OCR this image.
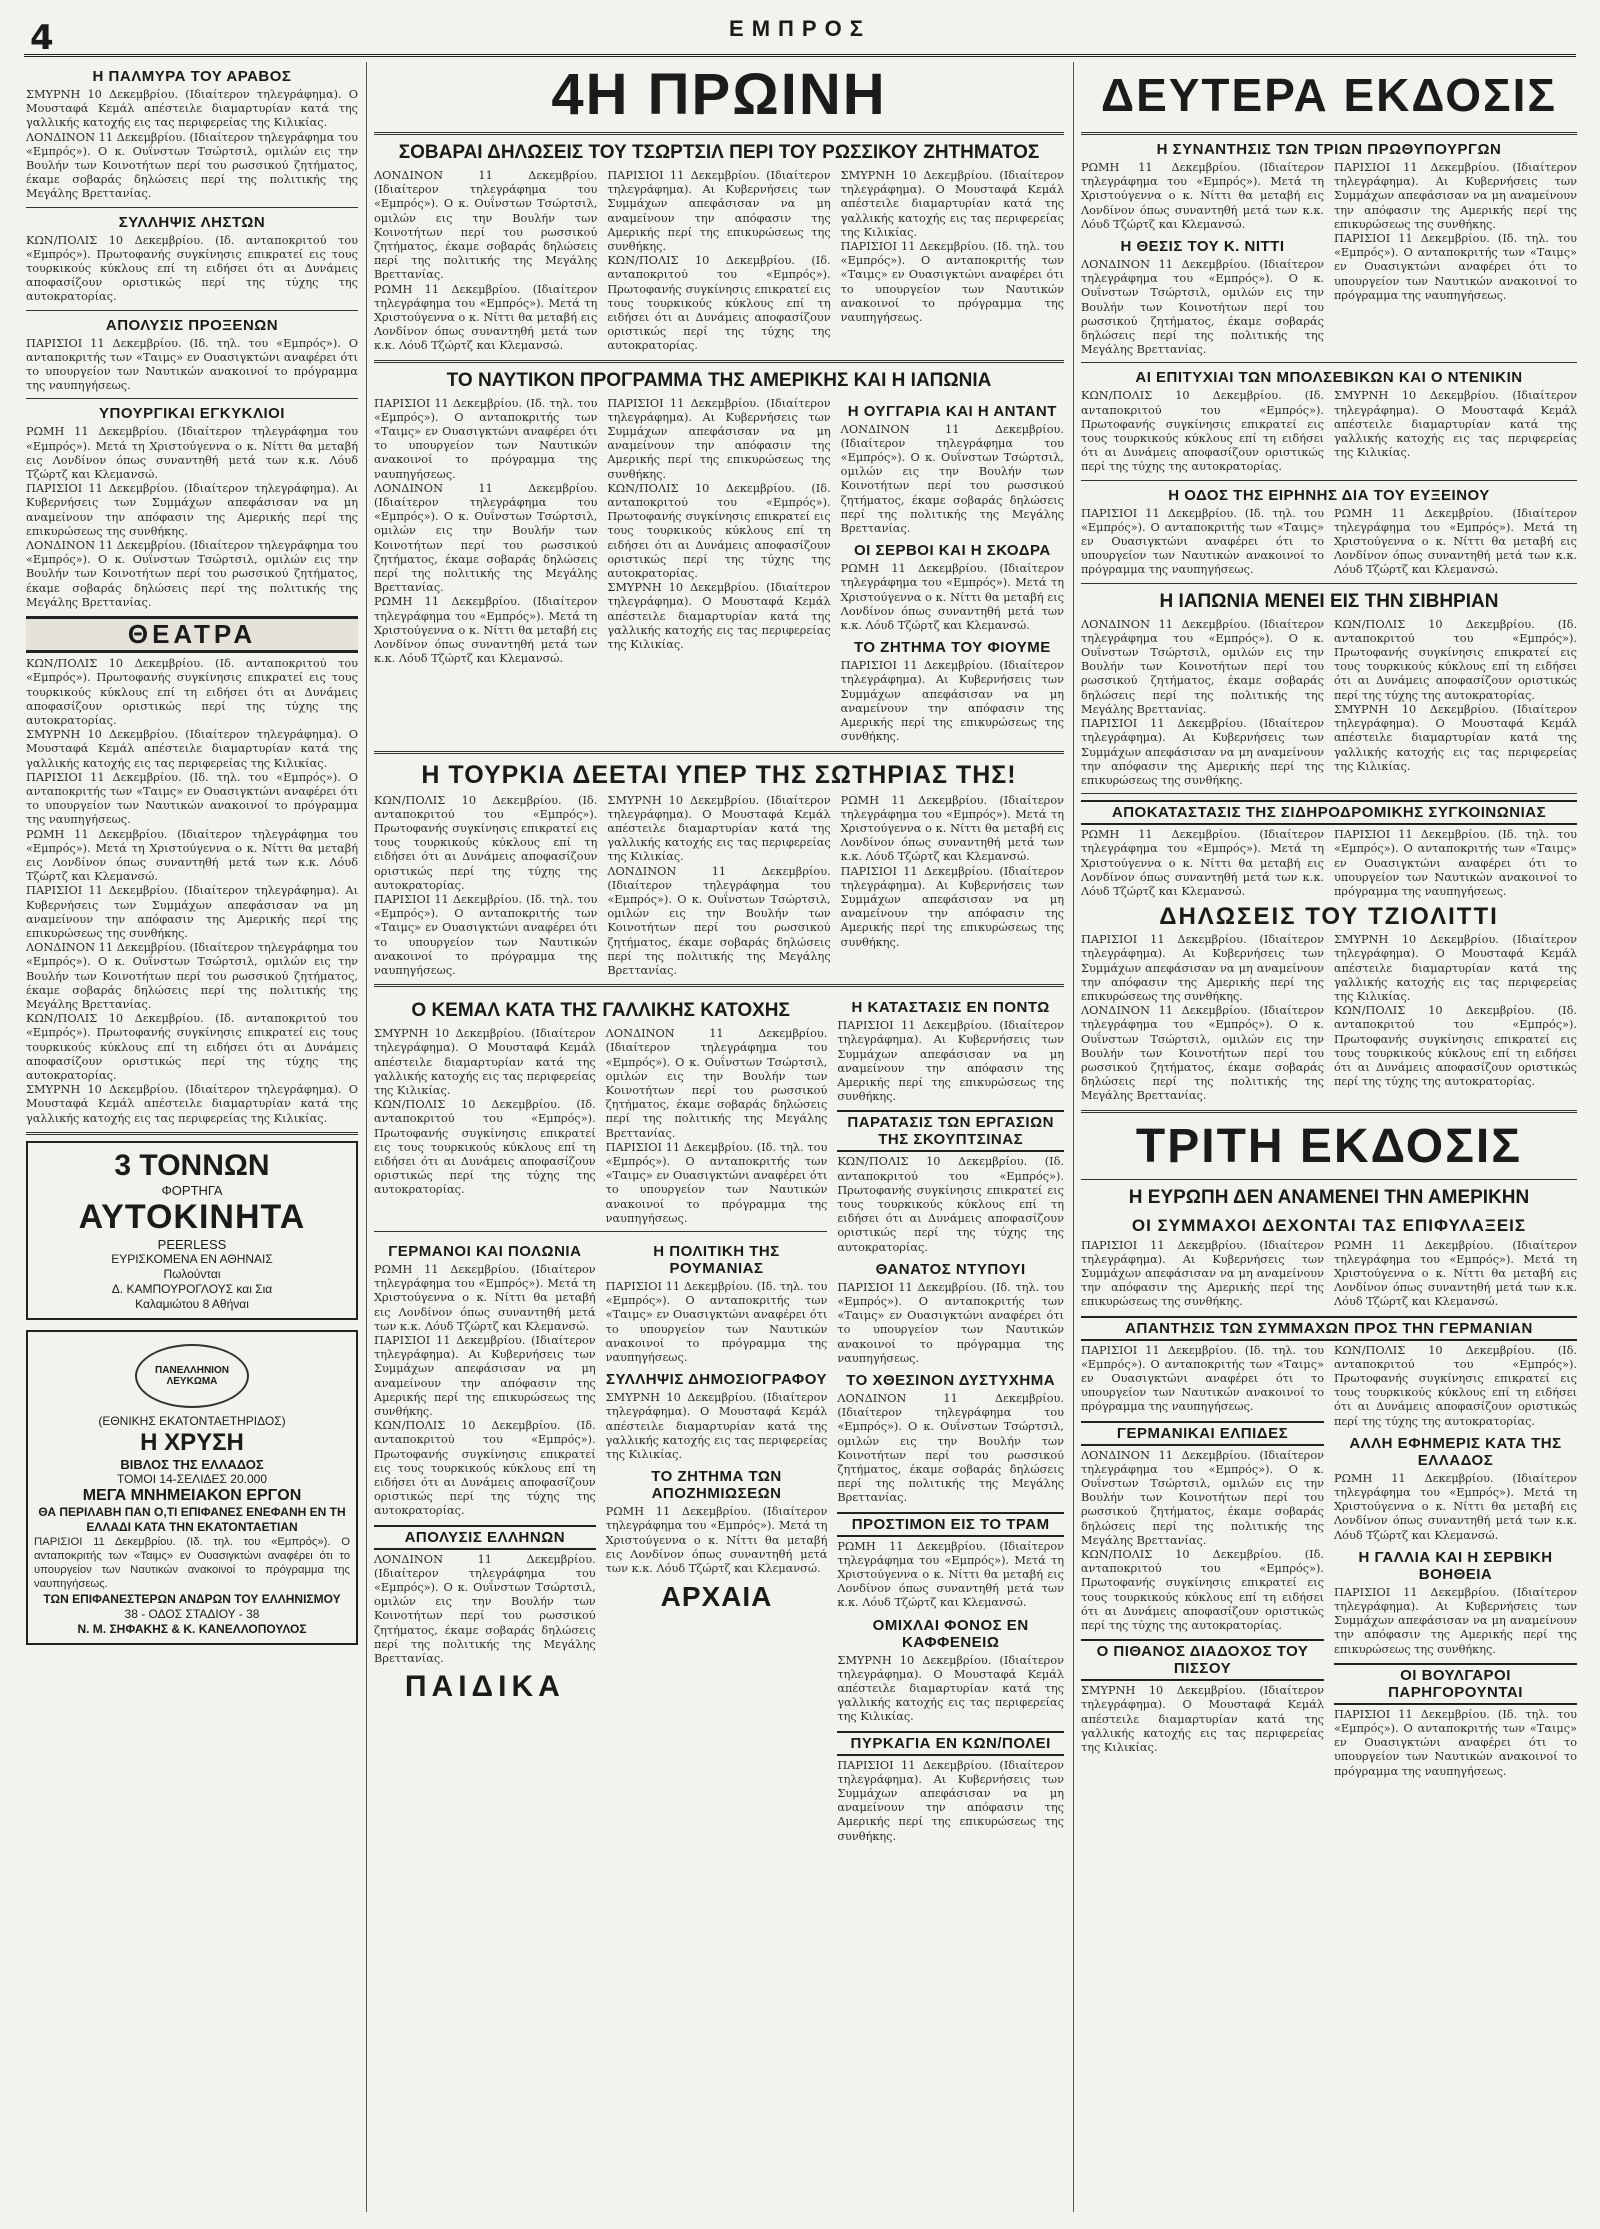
4	ΕΜΠΡΟΣ
Η ΠΑΛΜΥΡΑ ΤΟΥ ΑΡΑΒΟΣ

ΣΜΥΡΝΗ 10 Δεκεμβρίου. (Ιδιαίτερον τηλεγράφημα). Ο Μουσταφά Κεμάλ απέστειλε διαμαρτυρίαν κατά της γαλλικής κατοχής εις τας περιφερείας της Κιλικίας.

ΛΟΝΔΙΝΟΝ 11 Δεκεμβρίου. (Ιδιαίτερον τηλεγράφημα του «Εμπρός»). Ο κ. Ουΐνστων Τσώρτσιλ, ομιλών εις την Βουλήν των Κοινοτήτων περί του ρωσσικού ζητήματος, έκαμε σοβαράς δηλώσεις περί της πολιτικής της Μεγάλης Βρεττανίας.

ΣΥΛΛΗΨΙΣ ΛΗΣΤΩΝ

ΚΩΝ/ΠΟΛΙΣ 10 Δεκεμβρίου. (Ιδ. ανταποκριτού του «Εμπρός»). Πρωτοφανής συγκίνησις επικρατεί εις τους τουρκικούς κύκλους επί τη ειδήσει ότι αι Δυνάμεις αποφασίζουν οριστικώς περί της τύχης της αυτοκρατορίας.

ΑΠΟΛΥΣΙΣ ΠΡΟΞΕΝΩΝ

ΠΑΡΙΣΙΟΙ 11 Δεκεμβρίου. (Ιδ. τηλ. του «Εμπρός»). Ο ανταποκριτής των «Ταιμς» εν Ουασιγκτώνι αναφέρει ότι το υπουργείον των Ναυτικών ανακοινοί το πρόγραμμα της ναυπηγήσεως.

ΥΠΟΥΡΓΙΚΑΙ ΕΓΚΥΚΛΙΟΙ

ΡΩΜΗ 11 Δεκεμβρίου. (Ιδιαίτερον τηλεγράφημα του «Εμπρός»). Μετά τη Χριστούγεννα ο κ. Νίττι θα μεταβή εις Λονδίνον όπως συναντηθή μετά των κ.κ. Λόυδ Τζώρτζ και Κλεμανσώ.

ΠΑΡΙΣΙΟΙ 11 Δεκεμβρίου. (Ιδιαίτερον τηλεγράφημα). Αι Κυβερνήσεις των Συμμάχων απεφάσισαν να μη αναμείνουν την απόφασιν της Αμερικής περί της επικυρώσεως της συνθήκης.

ΛΟΝΔΙΝΟΝ 11 Δεκεμβρίου. (Ιδιαίτερον τηλεγράφημα του «Εμπρός»). Ο κ. Ουΐνστων Τσώρτσιλ, ομιλών εις την Βουλήν των Κοινοτήτων περί του ρωσσικού ζητήματος, έκαμε σοβαράς δηλώσεις περί της πολιτικής της Μεγάλης Βρεττανίας.

ΘΕΑΤΡΑ

ΚΩΝ/ΠΟΛΙΣ 10 Δεκεμβρίου. (Ιδ. ανταποκριτού του «Εμπρός»). Πρωτοφανής συγκίνησις επικρατεί εις τους τουρκικούς κύκλους επί τη ειδήσει ότι αι Δυνάμεις αποφασίζουν οριστικώς περί της τύχης της αυτοκρατορίας.

ΣΜΥΡΝΗ 10 Δεκεμβρίου. (Ιδιαίτερον τηλεγράφημα). Ο Μουσταφά Κεμάλ απέστειλε διαμαρτυρίαν κατά της γαλλικής κατοχής εις τας περιφερείας της Κιλικίας.

ΠΑΡΙΣΙΟΙ 11 Δεκεμβρίου. (Ιδ. τηλ. του «Εμπρός»). Ο ανταποκριτής των «Ταιμς» εν Ουασιγκτώνι αναφέρει ότι το υπουργείον των Ναυτικών ανακοινοί το πρόγραμμα της ναυπηγήσεως.

ΡΩΜΗ 11 Δεκεμβρίου. (Ιδιαίτερον τηλεγράφημα του «Εμπρός»). Μετά τη Χριστούγεννα ο κ. Νίττι θα μεταβή εις Λονδίνον όπως συναντηθή μετά των κ.κ. Λόυδ Τζώρτζ και Κλεμανσώ.

ΠΑΡΙΣΙΟΙ 11 Δεκεμβρίου. (Ιδιαίτερον τηλεγράφημα). Αι Κυβερνήσεις των Συμμάχων απεφάσισαν να μη αναμείνουν την απόφασιν της Αμερικής περί της επικυρώσεως της συνθήκης.

ΛΟΝΔΙΝΟΝ 11 Δεκεμβρίου. (Ιδιαίτερον τηλεγράφημα του «Εμπρός»). Ο κ. Ουΐνστων Τσώρτσιλ, ομιλών εις την Βουλήν των Κοινοτήτων περί του ρωσσικού ζητήματος, έκαμε σοβαράς δηλώσεις περί της πολιτικής της Μεγάλης Βρεττανίας.

ΚΩΝ/ΠΟΛΙΣ 10 Δεκεμβρίου. (Ιδ. ανταποκριτού του «Εμπρός»). Πρωτοφανής συγκίνησις επικρατεί εις τους τουρκικούς κύκλους επί τη ειδήσει ότι αι Δυνάμεις αποφασίζουν οριστικώς περί της τύχης της αυτοκρατορίας.

ΣΜΥΡΝΗ 10 Δεκεμβρίου. (Ιδιαίτερον τηλεγράφημα). Ο Μουσταφά Κεμάλ απέστειλε διαμαρτυρίαν κατά της γαλλικής κατοχής εις τας περιφερείας της Κιλικίας.

3 ΤΟΝΝΩΝ
ΦΟΡΤΗΓΑ
ΑΥΤΟΚΙΝΗΤΑ
PEERLESS
ΕΥΡΙΣΚΟΜΕΝΑ ΕΝ ΑΘΗΝΑΙΣ
Πωλούνται
Δ. ΚΑΜΠΟΥΡΟΓΛΟΥΣ και Σια
Καλαμιώτου 8 Αθήναι
ΠΑΝΕΛΛΗΝΙΟΝ ΛΕΥΚΩΜΑ
(ΕΘΝΙΚΗΣ ΕΚΑΤΟΝΤΑΕΤΗΡΙΔΟΣ)
Η ΧΡΥΣΗ
ΒΙΒΛΟΣ ΤΗΣ ΕΛΛΑΔΟΣ
ΤΟΜΟΙ 14-ΣΕΛΙΔΕΣ 20.000
ΜΕΓΑ ΜΝΗΜΕΙΑΚΟΝ ΕΡΓΟΝ
ΘΑ ΠΕΡΙΛΑΒΗ ΠΑΝ Ο,ΤΙ ΕΠΙΦΑΝΕΣ ΕΝΕΦΑΝΗ ΕΝ ΤΗ ΕΛΛΑΔΙ ΚΑΤΑ ΤΗΝ ΕΚΑΤΟΝΤΑΕΤΙΑΝ

ΠΑΡΙΣΙΟΙ 11 Δεκεμβρίου. (Ιδ. τηλ. του «Εμπρός»). Ο ανταποκριτής των «Ταιμς» εν Ουασιγκτώνι αναφέρει ότι το υπουργείον των Ναυτικών ανακοινοί το πρόγραμμα της ναυπηγήσεως.

ΤΩΝ ΕΠΙΦΑΝΕΣΤΕΡΩΝ ΑΝΔΡΩΝ ΤΟΥ ΕΛΛΗΝΙΣΜΟΥ
38 - ΟΔΟΣ ΣΤΑΔΙΟΥ - 38
Ν. Μ. ΣΗΦΑΚΗΣ & Κ. ΚΑΝΕΛΛΟΠΟΥΛΟΣ
4Η ΠΡΩΙΝΗ
ΣΟΒΑΡΑΙ ΔΗΛΩΣΕΙΣ ΤΟΥ ΤΣΩΡΤΣΙΛ ΠΕΡΙ ΤΟΥ ΡΩΣΣΙΚΟΥ ΖΗΤΗΜΑΤΟΣ

ΛΟΝΔΙΝΟΝ 11 Δεκεμβρίου. (Ιδιαίτερον τηλεγράφημα του «Εμπρός»). Ο κ. Ουΐνστων Τσώρτσιλ, ομιλών εις την Βουλήν των Κοινοτήτων περί του ρωσσικού ζητήματος, έκαμε σοβαράς δηλώσεις περί της πολιτικής της Μεγάλης Βρεττανίας.

ΡΩΜΗ 11 Δεκεμβρίου. (Ιδιαίτερον τηλεγράφημα του «Εμπρός»). Μετά τη Χριστούγεννα ο κ. Νίττι θα μεταβή εις Λονδίνον όπως συναντηθή μετά των κ.κ. Λόυδ Τζώρτζ και Κλεμανσώ.

ΠΑΡΙΣΙΟΙ 11 Δεκεμβρίου. (Ιδιαίτερον τηλεγράφημα). Αι Κυβερνήσεις των Συμμάχων απεφάσισαν να μη αναμείνουν την απόφασιν της Αμερικής περί της επικυρώσεως της συνθήκης.

ΚΩΝ/ΠΟΛΙΣ 10 Δεκεμβρίου. (Ιδ. ανταποκριτού του «Εμπρός»). Πρωτοφανής συγκίνησις επικρατεί εις τους τουρκικούς κύκλους επί τη ειδήσει ότι αι Δυνάμεις αποφασίζουν οριστικώς περί της τύχης της αυτοκρατορίας.

ΣΜΥΡΝΗ 10 Δεκεμβρίου. (Ιδιαίτερον τηλεγράφημα). Ο Μουσταφά Κεμάλ απέστειλε διαμαρτυρίαν κατά της γαλλικής κατοχής εις τας περιφερείας της Κιλικίας.

ΠΑΡΙΣΙΟΙ 11 Δεκεμβρίου. (Ιδ. τηλ. του «Εμπρός»). Ο ανταποκριτής των «Ταιμς» εν Ουασιγκτώνι αναφέρει ότι το υπουργείον των Ναυτικών ανακοινοί το πρόγραμμα της ναυπηγήσεως.

ΤΟ ΝΑΥΤΙΚΟΝ ΠΡΟΓΡΑΜΜΑ ΤΗΣ ΑΜΕΡΙΚΗΣ ΚΑΙ Η ΙΑΠΩΝΙΑ

ΠΑΡΙΣΙΟΙ 11 Δεκεμβρίου. (Ιδ. τηλ. του «Εμπρός»). Ο ανταποκριτής των «Ταιμς» εν Ουασιγκτώνι αναφέρει ότι το υπουργείον των Ναυτικών ανακοινοί το πρόγραμμα της ναυπηγήσεως.

ΛΟΝΔΙΝΟΝ 11 Δεκεμβρίου. (Ιδιαίτερον τηλεγράφημα του «Εμπρός»). Ο κ. Ουΐνστων Τσώρτσιλ, ομιλών εις την Βουλήν των Κοινοτήτων περί του ρωσσικού ζητήματος, έκαμε σοβαράς δηλώσεις περί της πολιτικής της Μεγάλης Βρεττανίας.

ΡΩΜΗ 11 Δεκεμβρίου. (Ιδιαίτερον τηλεγράφημα του «Εμπρός»). Μετά τη Χριστούγεννα ο κ. Νίττι θα μεταβή εις Λονδίνον όπως συναντηθή μετά των κ.κ. Λόυδ Τζώρτζ και Κλεμανσώ.

ΠΑΡΙΣΙΟΙ 11 Δεκεμβρίου. (Ιδιαίτερον τηλεγράφημα). Αι Κυβερνήσεις των Συμμάχων απεφάσισαν να μη αναμείνουν την απόφασιν της Αμερικής περί της επικυρώσεως της συνθήκης.

ΚΩΝ/ΠΟΛΙΣ 10 Δεκεμβρίου. (Ιδ. ανταποκριτού του «Εμπρός»). Πρωτοφανής συγκίνησις επικρατεί εις τους τουρκικούς κύκλους επί τη ειδήσει ότι αι Δυνάμεις αποφασίζουν οριστικώς περί της τύχης της αυτοκρατορίας.

ΣΜΥΡΝΗ 10 Δεκεμβρίου. (Ιδιαίτερον τηλεγράφημα). Ο Μουσταφά Κεμάλ απέστειλε διαμαρτυρίαν κατά της γαλλικής κατοχής εις τας περιφερείας της Κιλικίας.

Η ΟΥΓΓΑΡΙΑ ΚΑΙ Η ΑΝΤΑΝΤ

ΛΟΝΔΙΝΟΝ 11 Δεκεμβρίου. (Ιδιαίτερον τηλεγράφημα του «Εμπρός»). Ο κ. Ουΐνστων Τσώρτσιλ, ομιλών εις την Βουλήν των Κοινοτήτων περί του ρωσσικού ζητήματος, έκαμε σοβαράς δηλώσεις περί της πολιτικής της Μεγάλης Βρεττανίας.

ΟΙ ΣΕΡΒΟΙ ΚΑΙ Η ΣΚΟΔΡΑ

ΡΩΜΗ 11 Δεκεμβρίου. (Ιδιαίτερον τηλεγράφημα του «Εμπρός»). Μετά τη Χριστούγεννα ο κ. Νίττι θα μεταβή εις Λονδίνον όπως συναντηθή μετά των κ.κ. Λόυδ Τζώρτζ και Κλεμανσώ.

ΤΟ ΖΗΤΗΜΑ ΤΟΥ ΦΙΟΥΜΕ

ΠΑΡΙΣΙΟΙ 11 Δεκεμβρίου. (Ιδιαίτερον τηλεγράφημα). Αι Κυβερνήσεις των Συμμάχων απεφάσισαν να μη αναμείνουν την απόφασιν της Αμερικής περί της επικυρώσεως της συνθήκης.

Η ΤΟΥΡΚΙΑ ΔΕΕΤΑΙ ΥΠΕΡ ΤΗΣ ΣΩΤΗΡΙΑΣ ΤΗΣ!

ΚΩΝ/ΠΟΛΙΣ 10 Δεκεμβρίου. (Ιδ. ανταποκριτού του «Εμπρός»). Πρωτοφανής συγκίνησις επικρατεί εις τους τουρκικούς κύκλους επί τη ειδήσει ότι αι Δυνάμεις αποφασίζουν οριστικώς περί της τύχης της αυτοκρατορίας.

ΠΑΡΙΣΙΟΙ 11 Δεκεμβρίου. (Ιδ. τηλ. του «Εμπρός»). Ο ανταποκριτής των «Ταιμς» εν Ουασιγκτώνι αναφέρει ότι το υπουργείον των Ναυτικών ανακοινοί το πρόγραμμα της ναυπηγήσεως.

ΣΜΥΡΝΗ 10 Δεκεμβρίου. (Ιδιαίτερον τηλεγράφημα). Ο Μουσταφά Κεμάλ απέστειλε διαμαρτυρίαν κατά της γαλλικής κατοχής εις τας περιφερείας της Κιλικίας.

ΛΟΝΔΙΝΟΝ 11 Δεκεμβρίου. (Ιδιαίτερον τηλεγράφημα του «Εμπρός»). Ο κ. Ουΐνστων Τσώρτσιλ, ομιλών εις την Βουλήν των Κοινοτήτων περί του ρωσσικού ζητήματος, έκαμε σοβαράς δηλώσεις περί της πολιτικής της Μεγάλης Βρεττανίας.

ΡΩΜΗ 11 Δεκεμβρίου. (Ιδιαίτερον τηλεγράφημα του «Εμπρός»). Μετά τη Χριστούγεννα ο κ. Νίττι θα μεταβή εις Λονδίνον όπως συναντηθή μετά των κ.κ. Λόυδ Τζώρτζ και Κλεμανσώ.

ΠΑΡΙΣΙΟΙ 11 Δεκεμβρίου. (Ιδιαίτερον τηλεγράφημα). Αι Κυβερνήσεις των Συμμάχων απεφάσισαν να μη αναμείνουν την απόφασιν της Αμερικής περί της επικυρώσεως της συνθήκης.

Ο ΚΕΜΑΛ ΚΑΤΑ ΤΗΣ ΓΑΛΛΙΚΗΣ ΚΑΤΟΧΗΣ

ΣΜΥΡΝΗ 10 Δεκεμβρίου. (Ιδιαίτερον τηλεγράφημα). Ο Μουσταφά Κεμάλ απέστειλε διαμαρτυρίαν κατά της γαλλικής κατοχής εις τας περιφερείας της Κιλικίας.

ΚΩΝ/ΠΟΛΙΣ 10 Δεκεμβρίου. (Ιδ. ανταποκριτού του «Εμπρός»). Πρωτοφανής συγκίνησις επικρατεί εις τους τουρκικούς κύκλους επί τη ειδήσει ότι αι Δυνάμεις αποφασίζουν οριστικώς περί της τύχης της αυτοκρατορίας.

ΛΟΝΔΙΝΟΝ 11 Δεκεμβρίου. (Ιδιαίτερον τηλεγράφημα του «Εμπρός»). Ο κ. Ουΐνστων Τσώρτσιλ, ομιλών εις την Βουλήν των Κοινοτήτων περί του ρωσσικού ζητήματος, έκαμε σοβαράς δηλώσεις περί της πολιτικής της Μεγάλης Βρεττανίας.

ΠΑΡΙΣΙΟΙ 11 Δεκεμβρίου. (Ιδ. τηλ. του «Εμπρός»). Ο ανταποκριτής των «Ταιμς» εν Ουασιγκτώνι αναφέρει ότι το υπουργείον των Ναυτικών ανακοινοί το πρόγραμμα της ναυπηγήσεως.

ΓΕΡΜΑΝΟΙ ΚΑΙ ΠΟΛΩΝΙΑ

ΡΩΜΗ 11 Δεκεμβρίου. (Ιδιαίτερον τηλεγράφημα του «Εμπρός»). Μετά τη Χριστούγεννα ο κ. Νίττι θα μεταβή εις Λονδίνον όπως συναντηθή μετά των κ.κ. Λόυδ Τζώρτζ και Κλεμανσώ.

ΠΑΡΙΣΙΟΙ 11 Δεκεμβρίου. (Ιδιαίτερον τηλεγράφημα). Αι Κυβερνήσεις των Συμμάχων απεφάσισαν να μη αναμείνουν την απόφασιν της Αμερικής περί της επικυρώσεως της συνθήκης.

ΚΩΝ/ΠΟΛΙΣ 10 Δεκεμβρίου. (Ιδ. ανταποκριτού του «Εμπρός»). Πρωτοφανής συγκίνησις επικρατεί εις τους τουρκικούς κύκλους επί τη ειδήσει ότι αι Δυνάμεις αποφασίζουν οριστικώς περί της τύχης της αυτοκρατορίας.

ΑΠΟΛΥΣΙΣ ΕΛΛΗΝΩΝ

ΛΟΝΔΙΝΟΝ 11 Δεκεμβρίου. (Ιδιαίτερον τηλεγράφημα του «Εμπρός»). Ο κ. Ουΐνστων Τσώρτσιλ, ομιλών εις την Βουλήν των Κοινοτήτων περί του ρωσσικού ζητήματος, έκαμε σοβαράς δηλώσεις περί της πολιτικής της Μεγάλης Βρεττανίας.

ΠΑΙΔΙΚΑ
Η ΠΟΛΙΤΙΚΗ ΤΗΣ ΡΟΥΜΑΝΙΑΣ

ΠΑΡΙΣΙΟΙ 11 Δεκεμβρίου. (Ιδ. τηλ. του «Εμπρός»). Ο ανταποκριτής των «Ταιμς» εν Ουασιγκτώνι αναφέρει ότι το υπουργείον των Ναυτικών ανακοινοί το πρόγραμμα της ναυπηγήσεως.

ΣΥΛΛΗΨΙΣ ΔΗΜΟΣΙΟΓΡΑΦΟΥ

ΣΜΥΡΝΗ 10 Δεκεμβρίου. (Ιδιαίτερον τηλεγράφημα). Ο Μουσταφά Κεμάλ απέστειλε διαμαρτυρίαν κατά της γαλλικής κατοχής εις τας περιφερείας της Κιλικίας.

ΤΟ ΖΗΤΗΜΑ ΤΩΝ ΑΠΟΖΗΜΙΩΣΕΩΝ

ΡΩΜΗ 11 Δεκεμβρίου. (Ιδιαίτερον τηλεγράφημα του «Εμπρός»). Μετά τη Χριστούγεννα ο κ. Νίττι θα μεταβή εις Λονδίνον όπως συναντηθή μετά των κ.κ. Λόυδ Τζώρτζ και Κλεμανσώ.

ΑΡΧΑΙΑ
Η ΚΑΤΑΣΤΑΣΙΣ ΕΝ ΠΟΝΤΩ

ΠΑΡΙΣΙΟΙ 11 Δεκεμβρίου. (Ιδιαίτερον τηλεγράφημα). Αι Κυβερνήσεις των Συμμάχων απεφάσισαν να μη αναμείνουν την απόφασιν της Αμερικής περί της επικυρώσεως της συνθήκης.

ΠΑΡΑΤΑΣΙΣ ΤΩΝ ΕΡΓΑΣΙΩΝ ΤΗΣ ΣΚΟΥΠΤΣΙΝΑΣ

ΚΩΝ/ΠΟΛΙΣ 10 Δεκεμβρίου. (Ιδ. ανταποκριτού του «Εμπρός»). Πρωτοφανής συγκίνησις επικρατεί εις τους τουρκικούς κύκλους επί τη ειδήσει ότι αι Δυνάμεις αποφασίζουν οριστικώς περί της τύχης της αυτοκρατορίας.

ΘΑΝΑΤΟΣ ΝΤΥΠΟΥΙ

ΠΑΡΙΣΙΟΙ 11 Δεκεμβρίου. (Ιδ. τηλ. του «Εμπρός»). Ο ανταποκριτής των «Ταιμς» εν Ουασιγκτώνι αναφέρει ότι το υπουργείον των Ναυτικών ανακοινοί το πρόγραμμα της ναυπηγήσεως.

ΤΟ ΧΘΕΣΙΝΟΝ ΔΥΣΤΥΧΗΜΑ

ΛΟΝΔΙΝΟΝ 11 Δεκεμβρίου. (Ιδιαίτερον τηλεγράφημα του «Εμπρός»). Ο κ. Ουΐνστων Τσώρτσιλ, ομιλών εις την Βουλήν των Κοινοτήτων περί του ρωσσικού ζητήματος, έκαμε σοβαράς δηλώσεις περί της πολιτικής της Μεγάλης Βρεττανίας.

ΠΡΟΣΤΙΜΟΝ ΕΙΣ ΤΟ ΤΡΑΜ

ΡΩΜΗ 11 Δεκεμβρίου. (Ιδιαίτερον τηλεγράφημα του «Εμπρός»). Μετά τη Χριστούγεννα ο κ. Νίττι θα μεταβή εις Λονδίνον όπως συναντηθή μετά των κ.κ. Λόυδ Τζώρτζ και Κλεμανσώ.

ΟΜΙΧΛΑΙ ΦΟΝΟΣ ΕΝ ΚΑΦΦΕΝΕΙΩ

ΣΜΥΡΝΗ 10 Δεκεμβρίου. (Ιδιαίτερον τηλεγράφημα). Ο Μουσταφά Κεμάλ απέστειλε διαμαρτυρίαν κατά της γαλλικής κατοχής εις τας περιφερείας της Κιλικίας.

ΠΥΡΚΑΓΙΑ ΕΝ ΚΩΝ/ΠΟΛΕΙ

ΠΑΡΙΣΙΟΙ 11 Δεκεμβρίου. (Ιδιαίτερον τηλεγράφημα). Αι Κυβερνήσεις των Συμμάχων απεφάσισαν να μη αναμείνουν την απόφασιν της Αμερικής περί της επικυρώσεως της συνθήκης.

ΔΕΥΤΕΡΑ ΕΚΔΟΣΙΣ
Η ΣΥΝΑΝΤΗΣΙΣ ΤΩΝ ΤΡΙΩΝ ΠΡΩΘΥΠΟΥΡΓΩΝ

ΡΩΜΗ 11 Δεκεμβρίου. (Ιδιαίτερον τηλεγράφημα του «Εμπρός»). Μετά τη Χριστούγεννα ο κ. Νίττι θα μεταβή εις Λονδίνον όπως συναντηθή μετά των κ.κ. Λόυδ Τζώρτζ και Κλεμανσώ.

Η ΘΕΣΙΣ ΤΟΥ Κ. ΝΙΤΤΙ

ΛΟΝΔΙΝΟΝ 11 Δεκεμβρίου. (Ιδιαίτερον τηλεγράφημα του «Εμπρός»). Ο κ. Ουΐνστων Τσώρτσιλ, ομιλών εις την Βουλήν των Κοινοτήτων περί του ρωσσικού ζητήματος, έκαμε σοβαράς δηλώσεις περί της πολιτικής της Μεγάλης Βρεττανίας.

ΠΑΡΙΣΙΟΙ 11 Δεκεμβρίου. (Ιδιαίτερον τηλεγράφημα). Αι Κυβερνήσεις των Συμμάχων απεφάσισαν να μη αναμείνουν την απόφασιν της Αμερικής περί της επικυρώσεως της συνθήκης.

ΠΑΡΙΣΙΟΙ 11 Δεκεμβρίου. (Ιδ. τηλ. του «Εμπρός»). Ο ανταποκριτής των «Ταιμς» εν Ουασιγκτώνι αναφέρει ότι το υπουργείον των Ναυτικών ανακοινοί το πρόγραμμα της ναυπηγήσεως.

ΑΙ ΕΠΙΤΥΧΙΑΙ ΤΩΝ ΜΠΟΛΣΕΒΙΚΩΝ ΚΑΙ Ο ΝΤΕΝΙΚΙΝ

ΚΩΝ/ΠΟΛΙΣ 10 Δεκεμβρίου. (Ιδ. ανταποκριτού του «Εμπρός»). Πρωτοφανής συγκίνησις επικρατεί εις τους τουρκικούς κύκλους επί τη ειδήσει ότι αι Δυνάμεις αποφασίζουν οριστικώς περί της τύχης της αυτοκρατορίας.

ΣΜΥΡΝΗ 10 Δεκεμβρίου. (Ιδιαίτερον τηλεγράφημα). Ο Μουσταφά Κεμάλ απέστειλε διαμαρτυρίαν κατά της γαλλικής κατοχής εις τας περιφερείας της Κιλικίας.

Η ΟΔΟΣ ΤΗΣ ΕΙΡΗΝΗΣ ΔΙΑ ΤΟΥ ΕΥΞΕΙΝΟΥ

ΠΑΡΙΣΙΟΙ 11 Δεκεμβρίου. (Ιδ. τηλ. του «Εμπρός»). Ο ανταποκριτής των «Ταιμς» εν Ουασιγκτώνι αναφέρει ότι το υπουργείον των Ναυτικών ανακοινοί το πρόγραμμα της ναυπηγήσεως.

ΡΩΜΗ 11 Δεκεμβρίου. (Ιδιαίτερον τηλεγράφημα του «Εμπρός»). Μετά τη Χριστούγεννα ο κ. Νίττι θα μεταβή εις Λονδίνον όπως συναντηθή μετά των κ.κ. Λόυδ Τζώρτζ και Κλεμανσώ.

Η ΙΑΠΩΝΙΑ ΜΕΝΕΙ ΕΙΣ ΤΗΝ ΣΙΒΗΡΙΑΝ

ΛΟΝΔΙΝΟΝ 11 Δεκεμβρίου. (Ιδιαίτερον τηλεγράφημα του «Εμπρός»). Ο κ. Ουΐνστων Τσώρτσιλ, ομιλών εις την Βουλήν των Κοινοτήτων περί του ρωσσικού ζητήματος, έκαμε σοβαράς δηλώσεις περί της πολιτικής της Μεγάλης Βρεττανίας.

ΠΑΡΙΣΙΟΙ 11 Δεκεμβρίου. (Ιδιαίτερον τηλεγράφημα). Αι Κυβερνήσεις των Συμμάχων απεφάσισαν να μη αναμείνουν την απόφασιν της Αμερικής περί της επικυρώσεως της συνθήκης.

ΚΩΝ/ΠΟΛΙΣ 10 Δεκεμβρίου. (Ιδ. ανταποκριτού του «Εμπρός»). Πρωτοφανής συγκίνησις επικρατεί εις τους τουρκικούς κύκλους επί τη ειδήσει ότι αι Δυνάμεις αποφασίζουν οριστικώς περί της τύχης της αυτοκρατορίας.

ΣΜΥΡΝΗ 10 Δεκεμβρίου. (Ιδιαίτερον τηλεγράφημα). Ο Μουσταφά Κεμάλ απέστειλε διαμαρτυρίαν κατά της γαλλικής κατοχής εις τας περιφερείας της Κιλικίας.

ΑΠΟΚΑΤΑΣΤΑΣΙΣ ΤΗΣ ΣΙΔΗΡΟΔΡΟΜΙΚΗΣ ΣΥΓΚΟΙΝΩΝΙΑΣ

ΡΩΜΗ 11 Δεκεμβρίου. (Ιδιαίτερον τηλεγράφημα του «Εμπρός»). Μετά τη Χριστούγεννα ο κ. Νίττι θα μεταβή εις Λονδίνον όπως συναντηθή μετά των κ.κ. Λόυδ Τζώρτζ και Κλεμανσώ.

ΠΑΡΙΣΙΟΙ 11 Δεκεμβρίου. (Ιδ. τηλ. του «Εμπρός»). Ο ανταποκριτής των «Ταιμς» εν Ουασιγκτώνι αναφέρει ότι το υπουργείον των Ναυτικών ανακοινοί το πρόγραμμα της ναυπηγήσεως.

ΔΗΛΩΣΕΙΣ ΤΟΥ ΤΖΙΟΛΙΤΤΙ

ΠΑΡΙΣΙΟΙ 11 Δεκεμβρίου. (Ιδιαίτερον τηλεγράφημα). Αι Κυβερνήσεις των Συμμάχων απεφάσισαν να μη αναμείνουν την απόφασιν της Αμερικής περί της επικυρώσεως της συνθήκης.

ΛΟΝΔΙΝΟΝ 11 Δεκεμβρίου. (Ιδιαίτερον τηλεγράφημα του «Εμπρός»). Ο κ. Ουΐνστων Τσώρτσιλ, ομιλών εις την Βουλήν των Κοινοτήτων περί του ρωσσικού ζητήματος, έκαμε σοβαράς δηλώσεις περί της πολιτικής της Μεγάλης Βρεττανίας.

ΣΜΥΡΝΗ 10 Δεκεμβρίου. (Ιδιαίτερον τηλεγράφημα). Ο Μουσταφά Κεμάλ απέστειλε διαμαρτυρίαν κατά της γαλλικής κατοχής εις τας περιφερείας της Κιλικίας.

ΚΩΝ/ΠΟΛΙΣ 10 Δεκεμβρίου. (Ιδ. ανταποκριτού του «Εμπρός»). Πρωτοφανής συγκίνησις επικρατεί εις τους τουρκικούς κύκλους επί τη ειδήσει ότι αι Δυνάμεις αποφασίζουν οριστικώς περί της τύχης της αυτοκρατορίας.

ΤΡΙΤΗ ΕΚΔΟΣΙΣ
Η ΕΥΡΩΠΗ ΔΕΝ ΑΝΑΜΕΝΕΙ ΤΗΝ ΑΜΕΡΙΚΗΝ
ΟΙ ΣΥΜΜΑΧΟΙ ΔΕΧΟΝΤΑΙ ΤΑΣ ΕΠΙΦΥΛΑΞΕΙΣ

ΠΑΡΙΣΙΟΙ 11 Δεκεμβρίου. (Ιδιαίτερον τηλεγράφημα). Αι Κυβερνήσεις των Συμμάχων απεφάσισαν να μη αναμείνουν την απόφασιν της Αμερικής περί της επικυρώσεως της συνθήκης.

ΡΩΜΗ 11 Δεκεμβρίου. (Ιδιαίτερον τηλεγράφημα του «Εμπρός»). Μετά τη Χριστούγεννα ο κ. Νίττι θα μεταβή εις Λονδίνον όπως συναντηθή μετά των κ.κ. Λόυδ Τζώρτζ και Κλεμανσώ.

ΑΠΑΝΤΗΣΙΣ ΤΩΝ ΣΥΜΜΑΧΩΝ ΠΡΟΣ ΤΗΝ ΓΕΡΜΑΝΙΑΝ

ΠΑΡΙΣΙΟΙ 11 Δεκεμβρίου. (Ιδ. τηλ. του «Εμπρός»). Ο ανταποκριτής των «Ταιμς» εν Ουασιγκτώνι αναφέρει ότι το υπουργείον των Ναυτικών ανακοινοί το πρόγραμμα της ναυπηγήσεως.

ΓΕΡΜΑΝΙΚΑΙ ΕΛΠΙΔΕΣ

ΛΟΝΔΙΝΟΝ 11 Δεκεμβρίου. (Ιδιαίτερον τηλεγράφημα του «Εμπρός»). Ο κ. Ουΐνστων Τσώρτσιλ, ομιλών εις την Βουλήν των Κοινοτήτων περί του ρωσσικού ζητήματος, έκαμε σοβαράς δηλώσεις περί της πολιτικής της Μεγάλης Βρεττανίας.

ΚΩΝ/ΠΟΛΙΣ 10 Δεκεμβρίου. (Ιδ. ανταποκριτού του «Εμπρός»). Πρωτοφανής συγκίνησις επικρατεί εις τους τουρκικούς κύκλους επί τη ειδήσει ότι αι Δυνάμεις αποφασίζουν οριστικώς περί της τύχης της αυτοκρατορίας.

Ο ΠΙΘΑΝΟΣ ΔΙΑΔΟΧΟΣ ΤΟΥ ΠΙΣΣΟΥ

ΣΜΥΡΝΗ 10 Δεκεμβρίου. (Ιδιαίτερον τηλεγράφημα). Ο Μουσταφά Κεμάλ απέστειλε διαμαρτυρίαν κατά της γαλλικής κατοχής εις τας περιφερείας της Κιλικίας.

ΚΩΝ/ΠΟΛΙΣ 10 Δεκεμβρίου. (Ιδ. ανταποκριτού του «Εμπρός»). Πρωτοφανής συγκίνησις επικρατεί εις τους τουρκικούς κύκλους επί τη ειδήσει ότι αι Δυνάμεις αποφασίζουν οριστικώς περί της τύχης της αυτοκρατορίας.

ΑΛΛΗ ΕΦΗΜΕΡΙΣ ΚΑΤΑ ΤΗΣ ΕΛΛΑΔΟΣ

ΡΩΜΗ 11 Δεκεμβρίου. (Ιδιαίτερον τηλεγράφημα του «Εμπρός»). Μετά τη Χριστούγεννα ο κ. Νίττι θα μεταβή εις Λονδίνον όπως συναντηθή μετά των κ.κ. Λόυδ Τζώρτζ και Κλεμανσώ.

Η ΓΑΛΛΙΑ ΚΑΙ Η ΣΕΡΒΙΚΗ ΒΟΗΘΕΙΑ

ΠΑΡΙΣΙΟΙ 11 Δεκεμβρίου. (Ιδιαίτερον τηλεγράφημα). Αι Κυβερνήσεις των Συμμάχων απεφάσισαν να μη αναμείνουν την απόφασιν της Αμερικής περί της επικυρώσεως της συνθήκης.

ΟΙ ΒΟΥΛΓΑΡΟΙ ΠΑΡΗΓΟΡΟΥΝΤΑΙ

ΠΑΡΙΣΙΟΙ 11 Δεκεμβρίου. (Ιδ. τηλ. του «Εμπρός»). Ο ανταποκριτής των «Ταιμς» εν Ουασιγκτώνι αναφέρει ότι το υπουργείον των Ναυτικών ανακοινοί το πρόγραμμα της ναυπηγήσεως.
